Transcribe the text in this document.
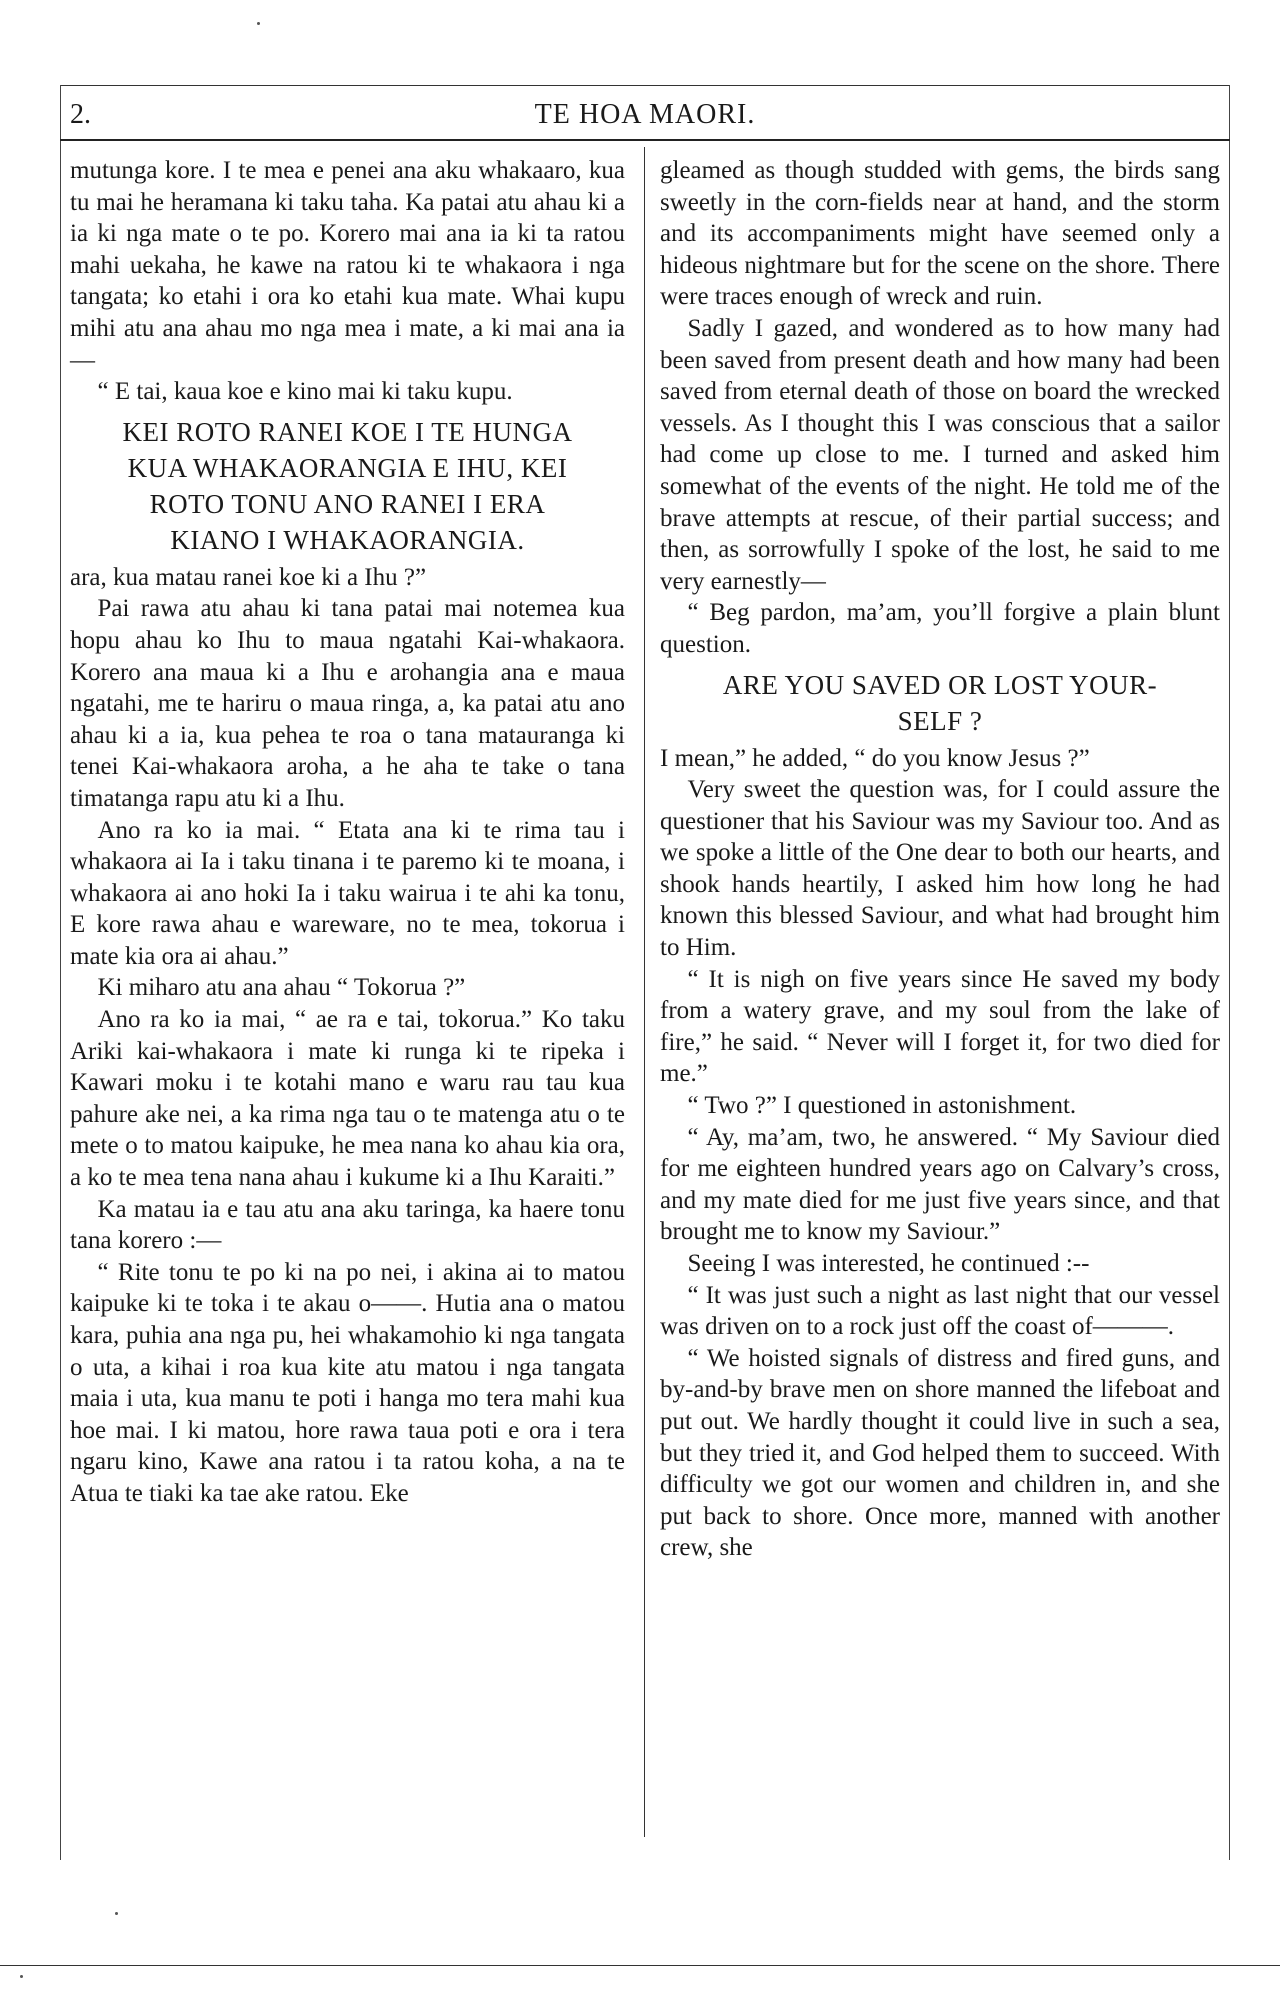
2.	TE HOA MAORI.

mutunga kore. I te mea e penei ana aku whakaaro, kua tu mai he heramana ki taku taha. Ka patai atu ahau ki a ia ki nga mate o te po. Korero mai ana ia ki ta ratou mahi uekaha, he kawe na ratou ki te whakaora i nga tangata; ko etahi i ora ko etahi kua mate. Whai kupu mihi atu ana ahau mo nga mea i mate, a ki mai ana ia—

“ E tai, kaua koe e kino mai ki taku kupu.

KEI ROTO RANEI KOE I TE HUNGA
KUA WHAKAORANGIA E IHU, KEI
ROTO TONU ANO RANEI I ERA
KIANO I WHAKAORANGIA.

ara, kua matau ranei koe ki a Ihu ?”

Pai rawa atu ahau ki tana patai mai notemea kua hopu ahau ko Ihu to maua ngatahi Kai-whakaora. Korero ana maua ki a Ihu e arohangia ana e maua ngatahi, me te hariru o maua ringa, a, ka patai atu ano ahau ki a ia, kua pehea te roa o tana matauranga ki tenei Kai-whakaora aroha, a he aha te take o tana timatanga rapu atu ki a Ihu.

Ano ra ko ia mai. “ Etata ana ki te rima tau i whakaora ai Ia i taku tinana i te paremo ki te moana, i whakaora ai ano hoki Ia i taku wairua i te ahi ka tonu, E kore rawa ahau e wareware, no te mea, tokorua i mate kia ora ai ahau.”

Ki miharo atu ana ahau “ Tokorua ?”

Ano ra ko ia mai, “ ae ra e tai, tokorua.” Ko taku Ariki kai-whakaora i mate ki runga ki te ripeka i Kawari moku i te kotahi mano e waru rau tau kua pahure ake nei, a ka rima nga tau o te matenga atu o te mete o to matou kaipuke, he mea nana ko ahau kia ora, a ko te mea tena nana ahau i kukume ki a Ihu Karaiti.”

Ka matau ia e tau atu ana aku taringa, ka haere tonu tana korero :—

“ Rite tonu te po ki na po nei, i akina ai to matou kaipuke ki te toka i te akau o——. Hutia ana o matou kara, puhia ana nga pu, hei whakamohio ki nga tangata o uta, a kihai i roa kua kite atu matou i nga tangata maia i uta, kua manu te poti i hanga mo tera mahi kua hoe mai. I ki matou, hore rawa taua poti e ora i tera ngaru kino, Kawe ana ratou i ta ratou koha, a na te Atua te tiaki ka tae ake ratou. Eke

gleamed as though studded with gems, the birds sang sweetly in the corn-fields near at hand, and the storm and its accompaniments might have seemed only a hideous nightmare but for the scene on the shore. There were traces enough of wreck and ruin.

Sadly I gazed, and wondered as to how many had been saved from present death and how many had been saved from eternal death of those on board the wrecked vessels. As I thought this I was conscious that a sailor had come up close to me. I turned and asked him somewhat of the events of the night. He told me of the brave attempts at rescue, of their partial success; and then, as sorrowfully I spoke of the lost, he said to me very earnestly—

“ Beg pardon, ma’am, you’ll forgive a plain blunt question.

ARE YOU SAVED OR LOST YOUR-
SELF ?

I mean,” he added, “ do you know Jesus ?”

Very sweet the question was, for I could assure the questioner that his Saviour was my Saviour too. And as we spoke a little of the One dear to both our hearts, and shook hands heartily, I asked him how long he had known this blessed Saviour, and what had brought him to Him.

“ It is nigh on five years since He saved my body from a watery grave, and my soul from the lake of fire,” he said. “ Never will I forget it, for two died for me.”

“ Two ?” I questioned in astonishment.

“ Ay, ma’am, two, he answered. “ My Saviour died for me eighteen hundred years ago on Calvary’s cross, and my mate died for me just five years since, and that brought me to know my Saviour.”

Seeing I was interested, he continued :--

“ It was just such a night as last night that our vessel was driven on to a rock just off the coast of———.

“ We hoisted signals of distress and fired guns, and by-and-by brave men on shore manned the lifeboat and put out. We hardly thought it could live in such a sea, but they tried it, and God helped them to succeed. With difficulty we got our women and children in, and she put back to shore. Once more, manned with another crew, she
